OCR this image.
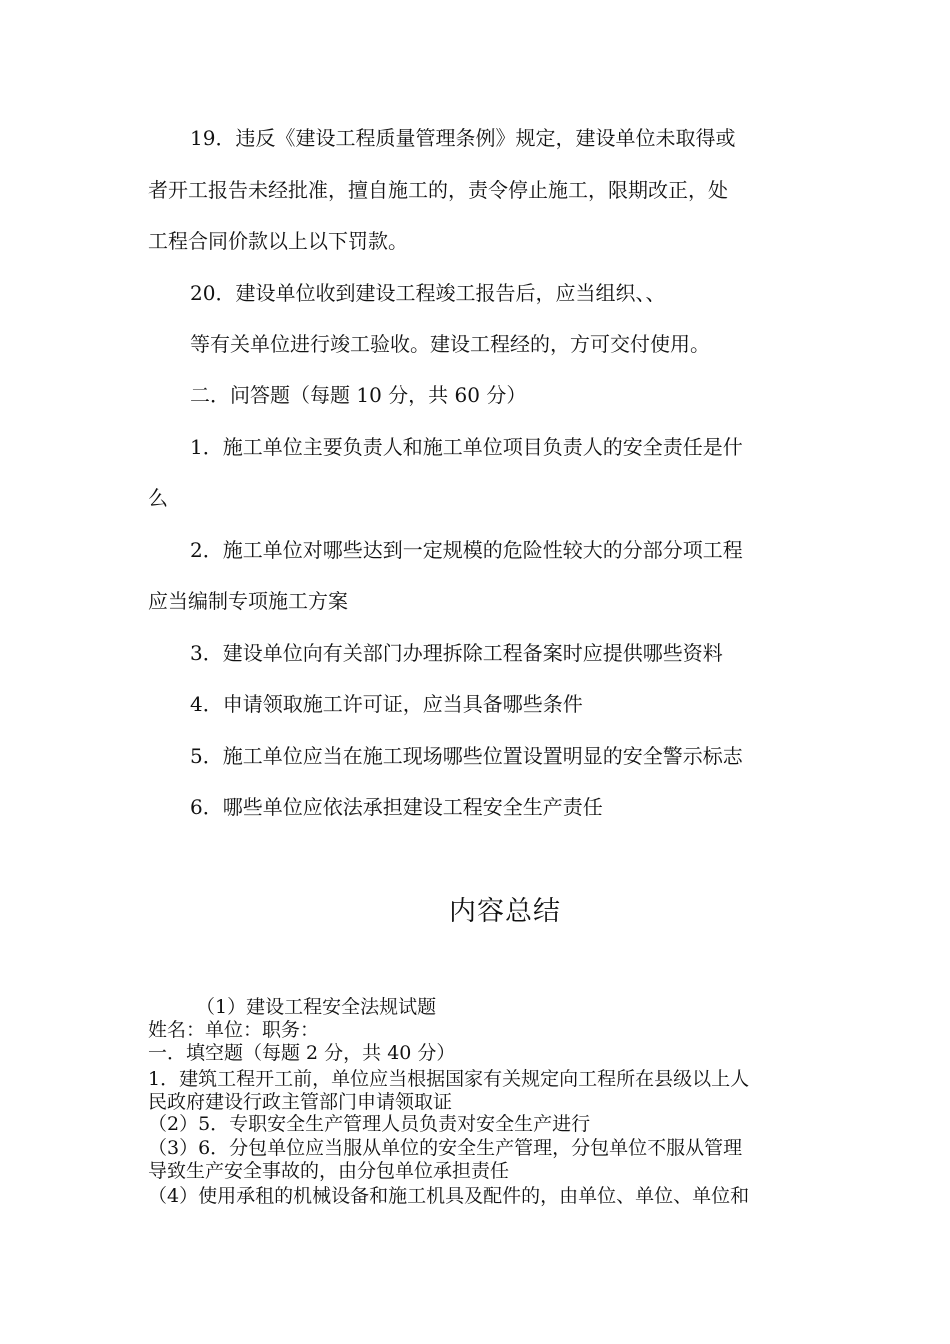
19．违反《建设工程质量管理条例》规定，建设单位未取得或
者开工报告未经批准，擅自施工的，责令停止施工，限期改正，处
工程合同价款以上以下罚款。
20．建设单位收到建设工程竣工报告后，应当组织、、
等有关单位进行竣工验收。建设工程经的，方可交付使用。
二．问答题（每题 10 分，共 60 分）
1．施工单位主要负责人和施工单位项目负责人的安全责任是什
么
2．施工单位对哪些达到一定规模的危险性较大的分部分项工程
应当编制专项施工方案
3．建设单位向有关部门办理拆除工程备案时应提供哪些资料
4．申请领取施工许可证，应当具备哪些条件
5．施工单位应当在施工现场哪些位置设置明显的安全警示标志
6．哪些单位应依法承担建设工程安全生产责任
内容总结
（1）建设工程安全法规试题
姓名：单位：职务：
一．填空题（每题 2 分，共 40 分）
1．建筑工程开工前，单位应当根据国家有关规定向工程所在县级以上人
民政府建设行政主管部门申请领取证
（2）5．专职安全生产管理人员负责对安全生产进行
（3）6．分包单位应当服从单位的安全生产管理，分包单位不服从管理
导致生产安全事故的，由分包单位承担责任
（4）使用承租的机械设备和施工机具及配件的，由单位、单位、单位和
